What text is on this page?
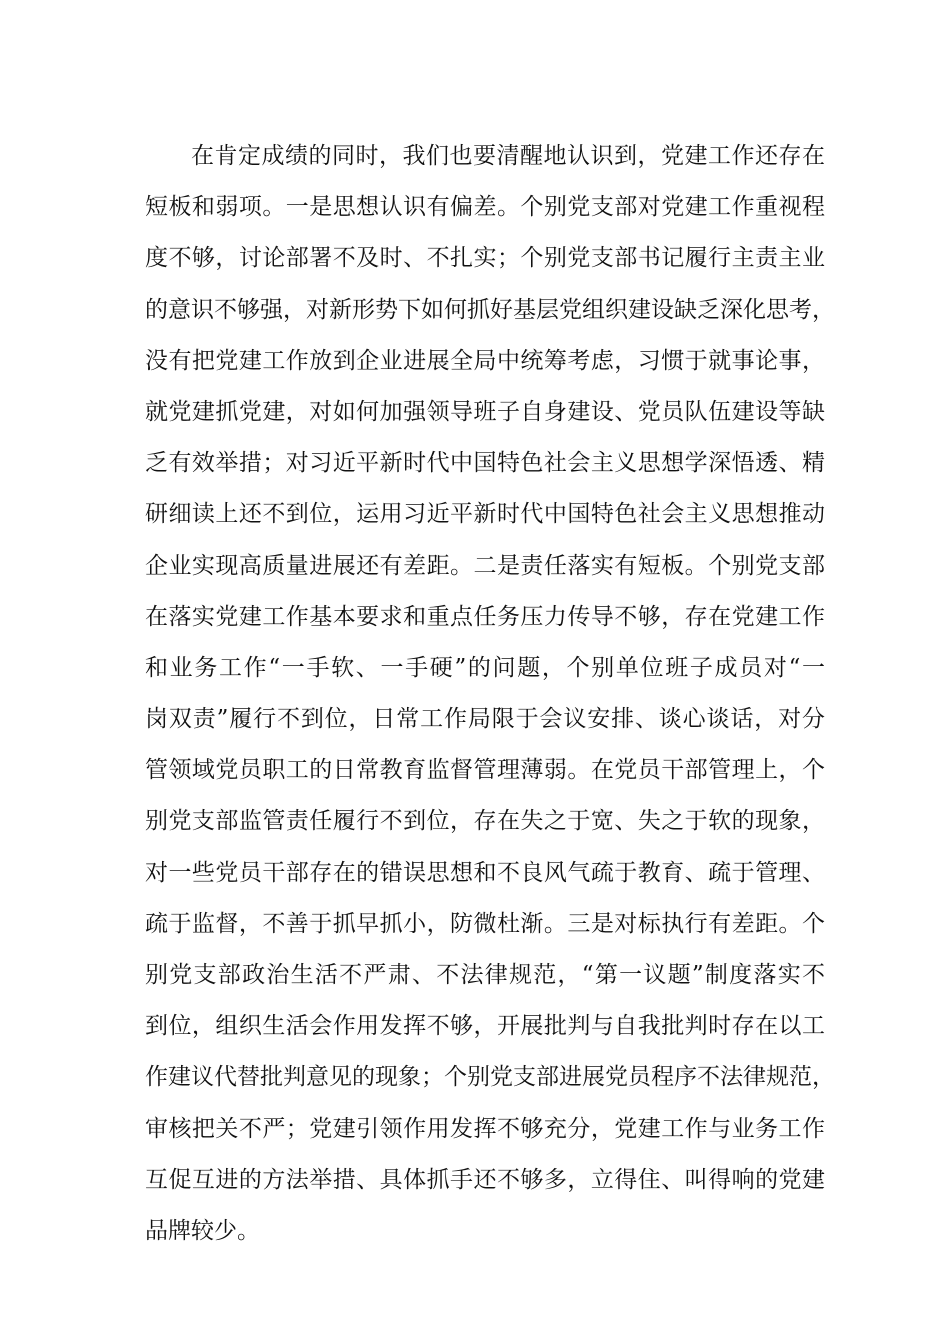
在肯定成绩的同时，我们也要清醒地认识到，党建工作还存在
短板和弱项。一是思想认识有偏差。个别党支部对党建工作重视程
度不够，讨论部署不及时、不扎实；个别党支部书记履行主责主业
的意识不够强，对新形势下如何抓好基层党组织建设缺乏深化思考，
没有把党建工作放到企业进展全局中统筹考虑，习惯于就事论事，
就党建抓党建，对如何加强领导班子自身建设、党员队伍建设等缺
乏有效举措；对习近平新时代中国特色社会主义思想学深悟透、精
研细读上还不到位，运用习近平新时代中国特色社会主义思想推动
企业实现高质量进展还有差距。二是责任落实有短板。个别党支部
在落实党建工作基本要求和重点任务压力传导不够，存在党建工作
和业务工作“一手软、一手硬”的问题，个别单位班子成员对“一
岗双责”履行不到位，日常工作局限于会议安排、谈心谈话，对分
管领域党员职工的日常教育监督管理薄弱。在党员干部管理上，个
别党支部监管责任履行不到位，存在失之于宽、失之于软的现象，
对一些党员干部存在的错误思想和不良风气疏于教育、疏于管理、
疏于监督，不善于抓早抓小，防微杜渐。三是对标执行有差距。个
别党支部政治生活不严肃、不法律规范，“第一议题”制度落实不
到位，组织生活会作用发挥不够，开展批判与自我批判时存在以工
作建议代替批判意见的现象；个别党支部进展党员程序不法律规范，
审核把关不严；党建引领作用发挥不够充分，党建工作与业务工作
互促互进的方法举措、具体抓手还不够多，立得住、叫得响的党建
品牌较少。
